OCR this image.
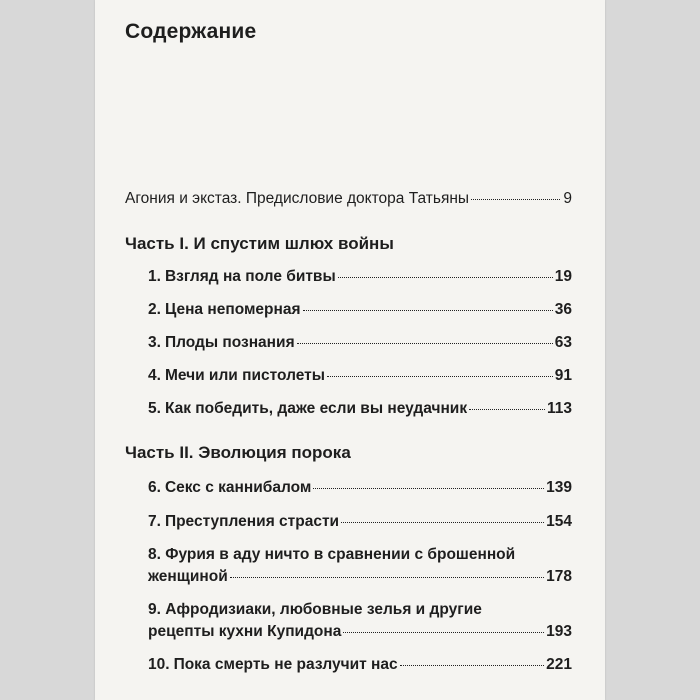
Содержание
Агония и экстаз. Предисловие доктора Татьяны	9
Часть I. И спустим шлюх войны
1. Взгляд на поле битвы	19
2. Цена непомерная	36
3. Плоды познания	63
4. Мечи или пистолеты	91
5. Как победить, даже если вы неудачник	113
Часть II. Эволюция порока
6. Секс с каннибалом	139
7. Преступления страсти	154
8. Фурия в аду ничто в сравнении с брошенной
женщиной	178
9. Афродизиаки, любовные зелья и другие
рецепты кухни Купидона	193
10. Пока смерть не разлучит нас	221
